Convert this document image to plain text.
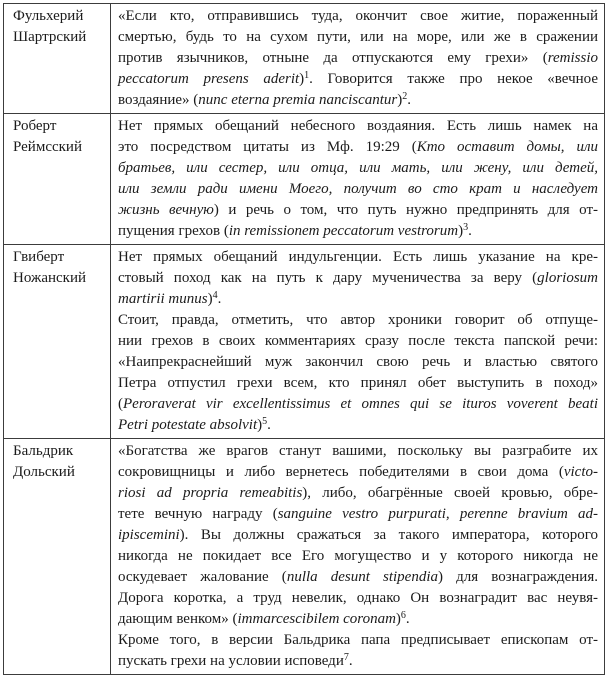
Фульхерий Шартрский	«Если кто, отправившись туда, окончит свое житие, пораженный
смертью, будь то на сухом пути, или на море, или же в сражении
против язычников, отныне да отпускаются ему грехи» (remissio
peccatorum presens aderit)$^1$. Говорится также про некое «вечное
воздаяние» (nunc eterna premia nanciscantur)$^2$.

Роберт Реймсский	
Нет прямых обещаний небесного воздаяния. Есть лишь намек на
это посредством цитаты из Мф. 19:29 (Кто оставит домы, или
братьев, или сестер, или отца, или мать, или жену, или детей,
или земли ради имени Моего, получит во сто крат и наследует
жизнь вечную) и речь о том, что путь нужно предпринять для от-
пущения грехов (in remissionem peccatorum vestrorum)$^3$.

Гвиберт Ножанский	
Нет прямых обещаний индульгенции. Есть лишь указание на кре-
стовый поход как на путь к дару мученичества за веру (gloriosum
martirii munus)$^4$.
Стоит, правда, отметить, что автор хроники говорит об отпуще-
нии грехов в своих комментариях сразу после текста папской речи:
«Наипрекраснейший муж закончил свою речь и властью святого
Петра отпустил грехи всем, кто принял обет выступить в поход»
(Peroraverat vir excellentissimus et omnes qui se ituros voverent beati
Petri potestate absolvit)$^5$.

Бальдрик Дольский	
«Богатства же врагов станут вашими, поскольку вы разграбите их
сокровищницы и либо вернетесь победителями в свои дома (victo-
riosi ad propria remeabitis), либо, обагрённые своей кровью, обре-
тете вечную награду (sanguine vestro purpurati, perenne bravium ad-
ipiscemini). Вы должны сражаться за такого императора, которого
никогда не покидает все Его могущество и у которого никогда не
оскудевает жалование (nulla desunt stipendia) для вознаграждения.
Дорога коротка, а труд невелик, однако Он вознаградит вас неувя-
дающим венком» (immarcescibilem coronam)$^6$.
Кроме того, в версии Бальдрика папа предписывает епископам от-
пускать грехи на условии исповеди$^7$.
